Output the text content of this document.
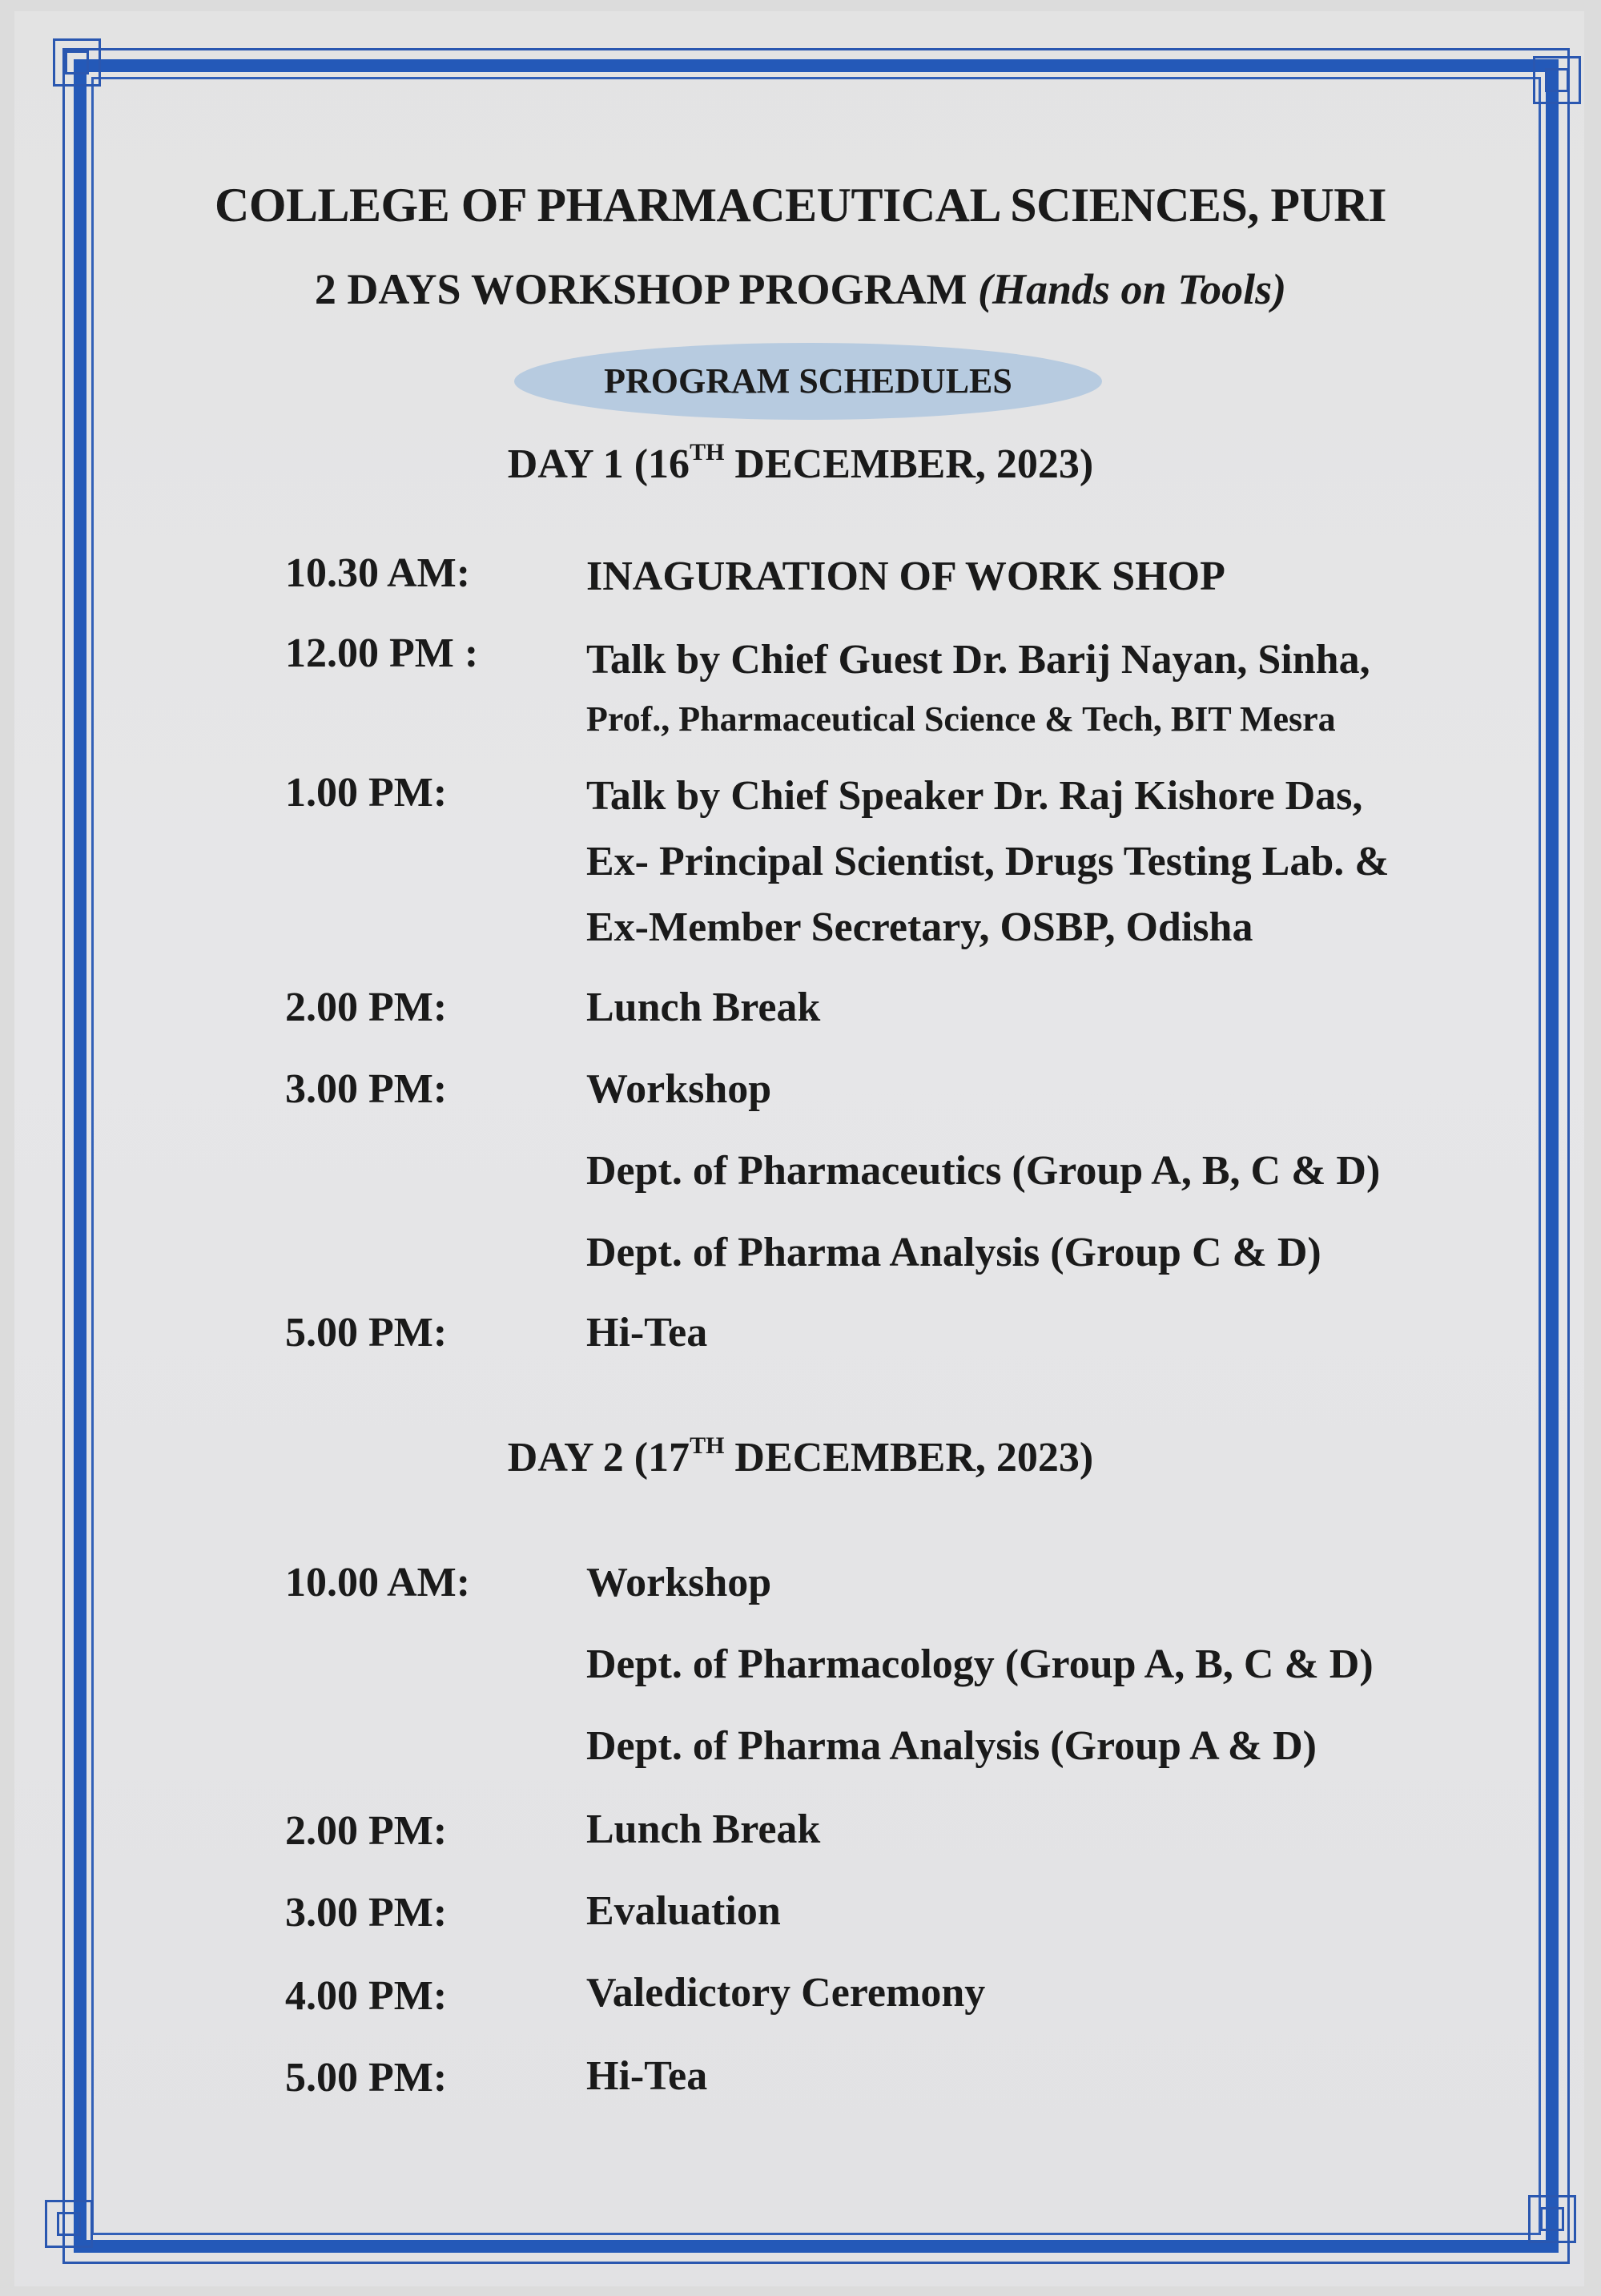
COLLEGE OF PHARMACEUTICAL SCIENCES, PURI
2 DAYS WORKSHOP PROGRAM (Hands on Tools)
PROGRAM SCHEDULES
DAY 1 (16TH DECEMBER, 2023)
10.30 AM:	INAGURATION OF WORK SHOP
12.00 PM :	Talk by Chief Guest Dr. Barij Nayan, Sinha,
Prof., Pharmaceutical Science & Tech, BIT Mesra
1.00 PM:	Talk by Chief Speaker Dr. Raj Kishore Das,
Ex- Principal Scientist, Drugs Testing Lab. &
Ex-Member Secretary, OSBP, Odisha
2.00 PM:	Lunch Break
3.00 PM:	Workshop
Dept. of Pharmaceutics (Group A, B, C & D)
Dept. of Pharma Analysis (Group C & D)
5.00 PM:	Hi-Tea
DAY 2 (17TH DECEMBER, 2023)
10.00 AM:	Workshop
Dept. of Pharmacology (Group A, B, C & D)
Dept. of Pharma Analysis (Group A & D)
2.00 PM:	Lunch Break
3.00 PM:	Evaluation
4.00 PM:	Valedictory Ceremony
5.00 PM:	Hi-Tea
